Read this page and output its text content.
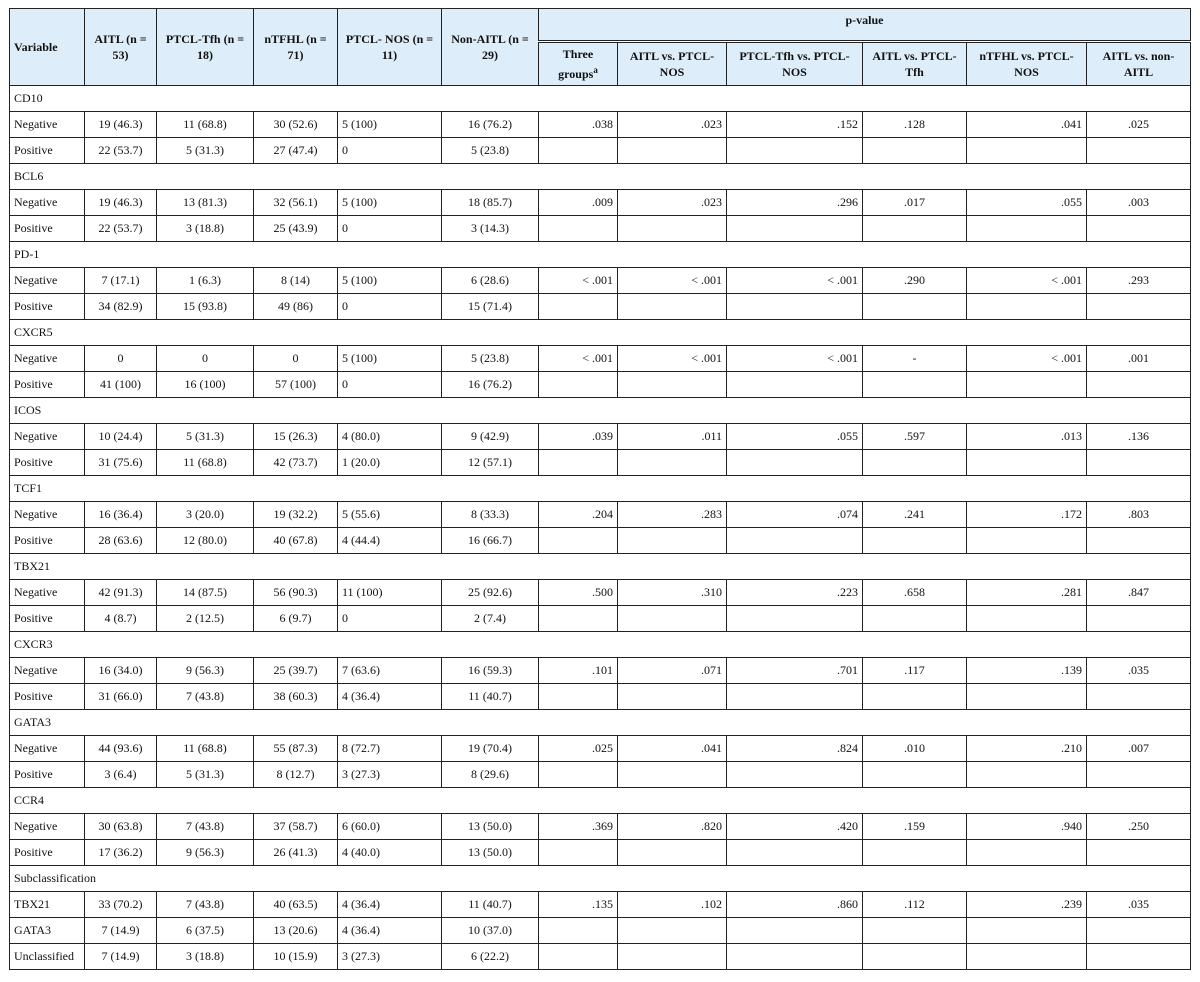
Variable	AITL (n = 53)	PTCL-Tfh (n = 18)	nTFHL (n = 71)	PTCL- NOS (n = 11)	Non-AITL (n = 29)	p-value					
						Three groups$^a$	AITL vs. PTCL-NOS	PTCL-Tfh vs. PTCL-NOS	AITL vs. PTCL-Tfh	nTFHL vs. PTCL-NOS	AITL vs. non-AITL
CD10											
Negative	19 (46.3)	11 (68.8)	30 (52.6)	5 (100)	16 (76.2)	.038	.023	.152	.128	.041	.025
Positive	22 (53.7)	5 (31.3)	27 (47.4)	0	5 (23.8)						
BCL6											
Negative	19 (46.3)	13 (81.3)	32 (56.1)	5 (100)	18 (85.7)	.009	.023	.296	.017	.055	.003
Positive	22 (53.7)	3 (18.8)	25 (43.9)	0	3 (14.3)						
PD-1											
Negative	7 (17.1)	1 (6.3)	8 (14)	5 (100)	6 (28.6)	< .001	< .001	< .001	.290	< .001	.293
Positive	34 (82.9)	15 (93.8)	49 (86)	0	15 (71.4)						
CXCR5											
Negative	0	0	0	5 (100)	5 (23.8)	< .001	< .001	< .001	-	< .001	.001
Positive	41 (100)	16 (100)	57 (100)	0	16 (76.2)						
ICOS											
Negative	10 (24.4)	5 (31.3)	15 (26.3)	4 (80.0)	9 (42.9)	.039	.011	.055	.597	.013	.136
Positive	31 (75.6)	11 (68.8)	42 (73.7)	1 (20.0)	12 (57.1)						
TCF1											
Negative	16 (36.4)	3 (20.0)	19 (32.2)	5 (55.6)	8 (33.3)	.204	.283	.074	.241	.172	.803
Positive	28 (63.6)	12 (80.0)	40 (67.8)	4 (44.4)	16 (66.7)						
TBX21											
Negative	42 (91.3)	14 (87.5)	56 (90.3)	11 (100)	25 (92.6)	.500	.310	.223	.658	.281	.847
Positive	4 (8.7)	2 (12.5)	6 (9.7)	0	2 (7.4)						
CXCR3											
Negative	16 (34.0)	9 (56.3)	25 (39.7)	7 (63.6)	16 (59.3)	.101	.071	.701	.117	.139	.035
Positive	31 (66.0)	7 (43.8)	38 (60.3)	4 (36.4)	11 (40.7)						
GATA3											
Negative	44 (93.6)	11 (68.8)	55 (87.3)	8 (72.7)	19 (70.4)	.025	.041	.824	.010	.210	.007
Positive	3 (6.4)	5 (31.3)	8 (12.7)	3 (27.3)	8 (29.6)						
CCR4											
Negative	30 (63.8)	7 (43.8)	37 (58.7)	6 (60.0)	13 (50.0)	.369	.820	.420	.159	.940	.250
Positive	17 (36.2)	9 (56.3)	26 (41.3)	4 (40.0)	13 (50.0)						
Subclassification											
TBX21	33 (70.2)	7 (43.8)	40 (63.5)	4 (36.4)	11 (40.7)	.135	.102	.860	.112	.239	.035
GATA3	7 (14.9)	6 (37.5)	13 (20.6)	4 (36.4)	10 (37.0)						
Unclassified	7 (14.9)	3 (18.8)	10 (15.9)	3 (27.3)	6 (22.2)						
